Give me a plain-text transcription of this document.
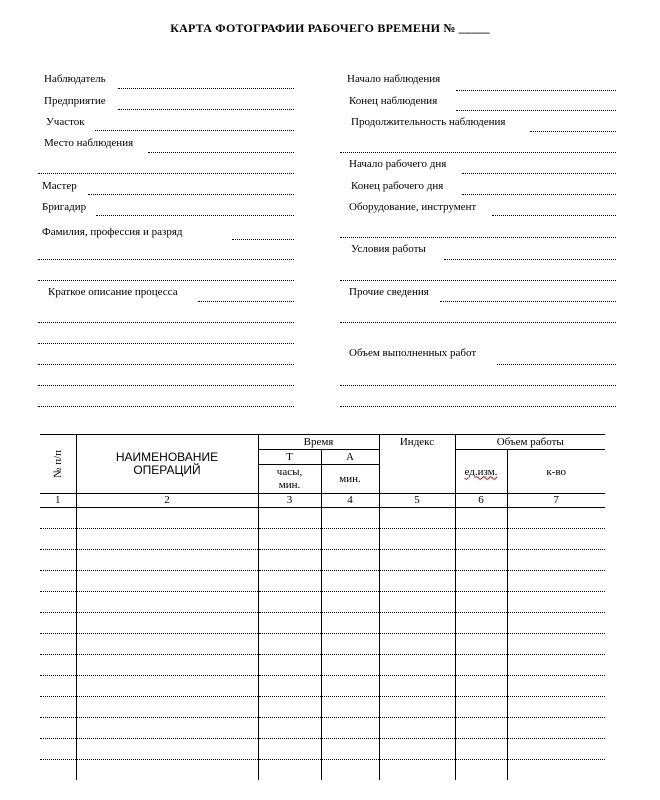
КАРТА ФОТОГРАФИИ РАБОЧЕГО ВРЕМЕНИ № _____
Наблюдатель
Предприятие
Участок
Место наблюдения
Мастер
Бригадир
Фамилия, профессия и разряд
Краткое описание процесса
Начало наблюдения
Конец наблюдения
Продолжительность наблюдения
Начало рабочего дня
Конец рабочего дня
Оборудование, инструмент
Условия работы
Прочие сведения
Объем выполненных работ
№ п/п	НАИМЕНОВАНИЕ ОПЕРАЦИЙ	Время		Индекс	Объем работы	
		Т	А		ед.изм.	к-во
		часы, мин.	мин.			
1	2	3	4	5	6	7
